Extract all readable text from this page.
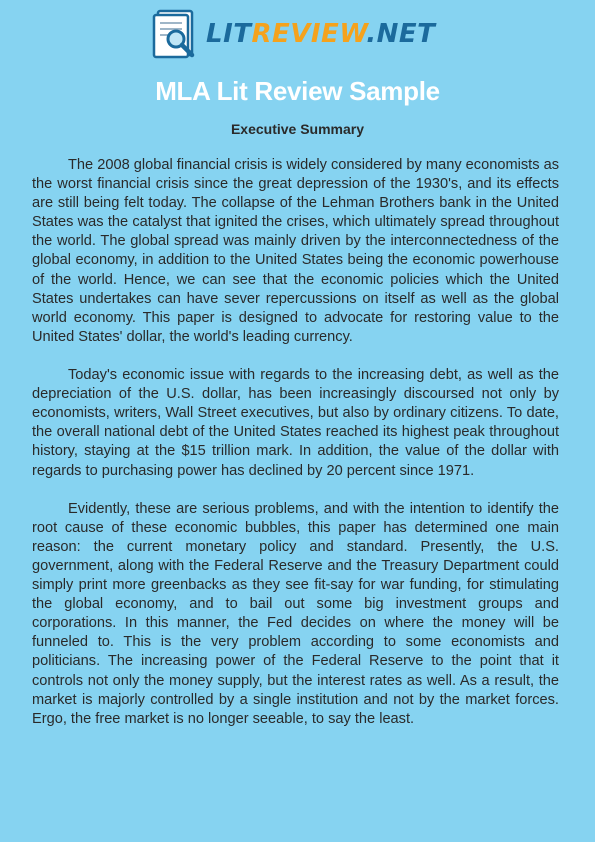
LITREVIEW.NET
MLA Lit Review Sample
Executive Summary

The 2008 global financial crisis is widely considered by many economists as the worst financial crisis since the great depression of the 1930's, and its effects are still being felt today. The collapse of the Lehman Brothers bank in the United States was the catalyst that ignited the crises, which ultimately spread throughout the world. The global spread was mainly driven by the interconnectedness of the global economy, in addition to the United States being the economic powerhouse of the world. Hence, we can see that the economic policies which the United States undertakes can have sever repercussions on itself as well as the global world economy. This paper is designed to advocate for restoring value to the United States' dollar, the world's leading currency.

Today's economic issue with regards to the increasing debt, as well as the depreciation of the U.S. dollar, has been increasingly discoursed not only by economists, writers, Wall Street executives, but also by ordinary citizens. To date, the overall national debt of the United States reached its highest peak throughout history, staying at the $15 trillion mark. In addition, the value of the dollar with regards to purchasing power has declined by 20 percent since 1971.

Evidently, these are serious problems, and with the intention to identify the root cause of these economic bubbles, this paper has determined one main reason: the current monetary policy and standard. Presently, the U.S. government, along with the Federal Reserve and the Treasury Department could simply print more greenbacks as they see fit-say for war funding, for stimulating the global economy, and to bail out some big investment groups and corporations. In this manner, the Fed decides on where the money will be funneled to. This is the very problem according to some economists and politicians. The increasing power of the Federal Reserve to the point that it controls not only the money supply, but the interest rates as well. As a result, the market is majorly controlled by a single institution and not by the market forces. Ergo, the free market is no longer seeable, to say the least.
